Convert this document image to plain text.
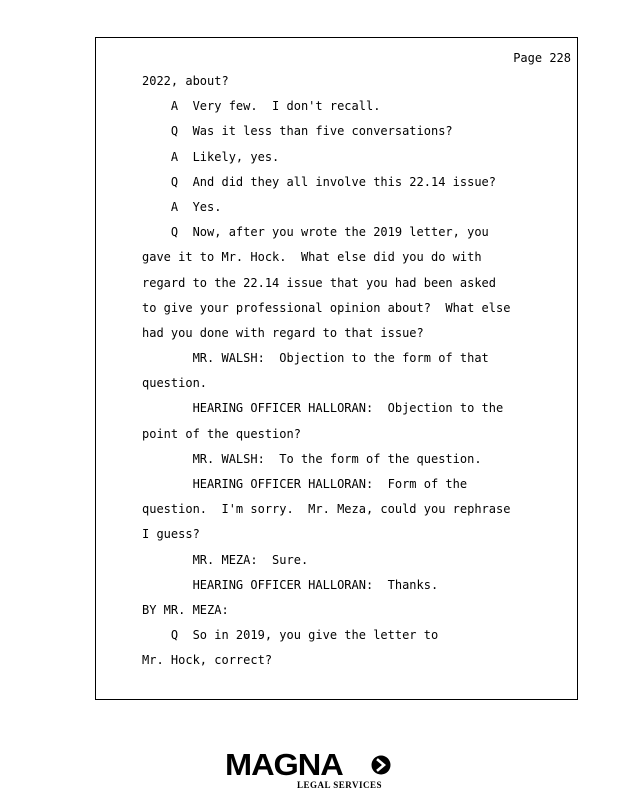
Page 228
2022, about?
A  Very few.  I don't recall.
Q  Was it less than five conversations?
A  Likely, yes.
Q  And did they all involve this 22.14 issue?
A  Yes.
Q  Now, after you wrote the 2019 letter, you
gave it to Mr. Hock.  What else did you do with
regard to the 22.14 issue that you had been asked
to give your professional opinion about?  What else
had you done with regard to that issue?
MR. WALSH:  Objection to the form of that
question.
HEARING OFFICER HALLORAN:  Objection to the
point of the question?
MR. WALSH:  To the form of the question.
HEARING OFFICER HALLORAN:  Form of the
question.  I'm sorry.  Mr. Meza, could you rephrase
I guess?
MR. MEZA:  Sure.
HEARING OFFICER HALLORAN:  Thanks.
BY MR. MEZA:
Q  So in 2019, you give the letter to
Mr. Hock, correct?
MAGNA
LEGAL SERVICES
